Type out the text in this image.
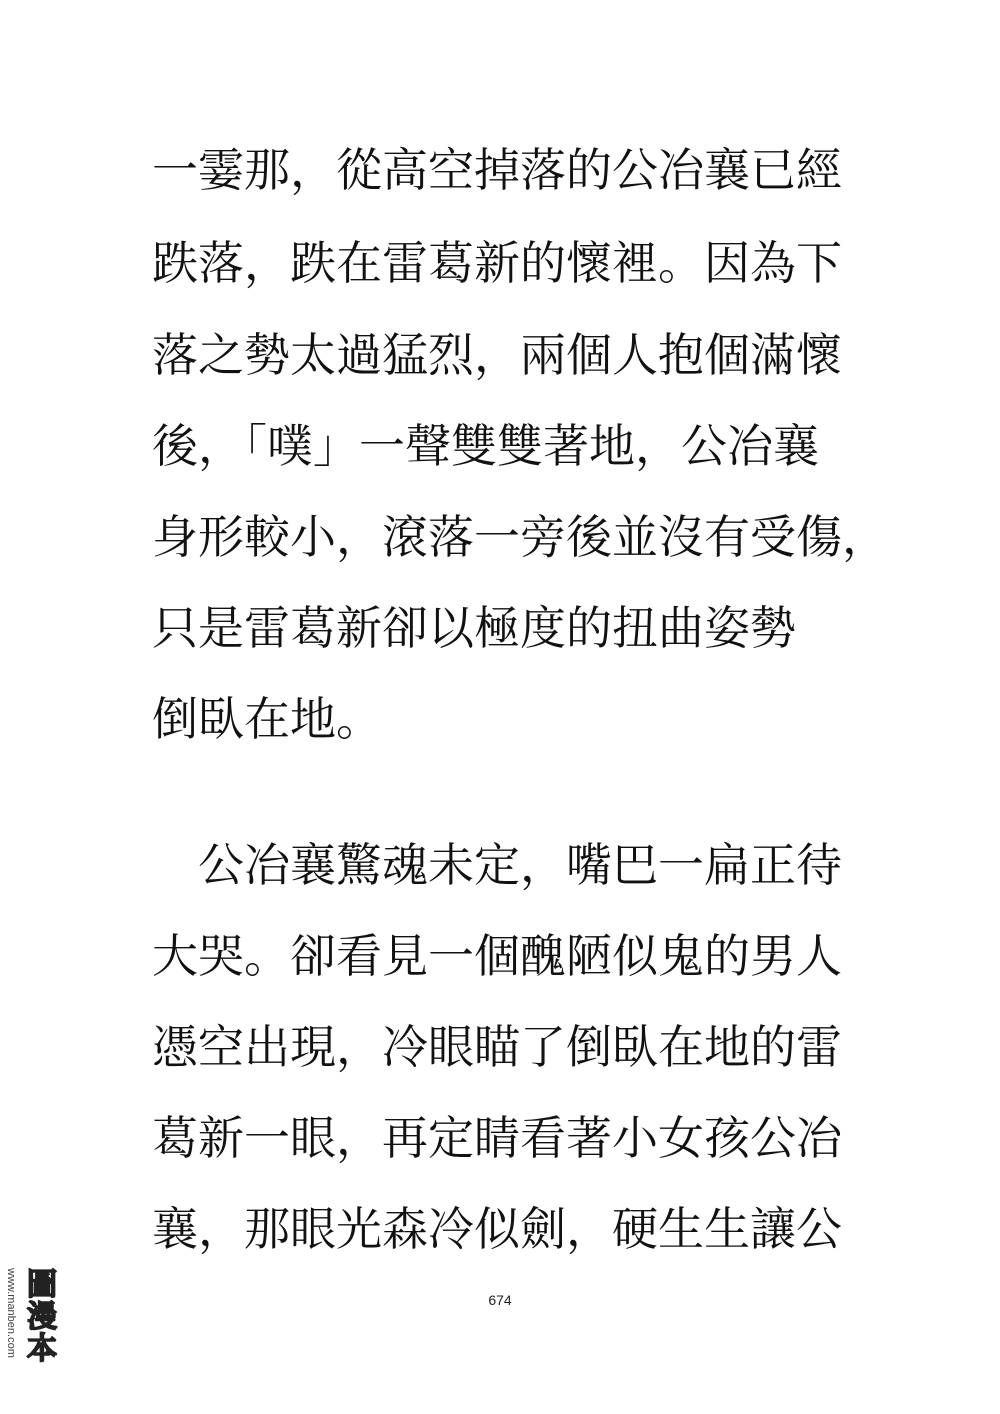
一霎那，從高空掉落的公冶襄已經
跌落，跌在雷葛新的懷裡。因為下
落之勢太過猛烈，兩個人抱個滿懷
後，「噗」一聲雙雙著地，公冶襄
身形較小，滾落一旁後並沒有受傷，
只是雷葛新卻以極度的扭曲姿勢
倒臥在地。
　公冶襄驚魂未定，嘴巴一扁正待
大哭。卻看見一個醜陋似鬼的男人
憑空出現，冷眼瞄了倒臥在地的雷
葛新一眼，再定睛看著小女孩公冶
襄，那眼光森冷似劍，硬生生讓公
674
www.manben.com 圖漫本
